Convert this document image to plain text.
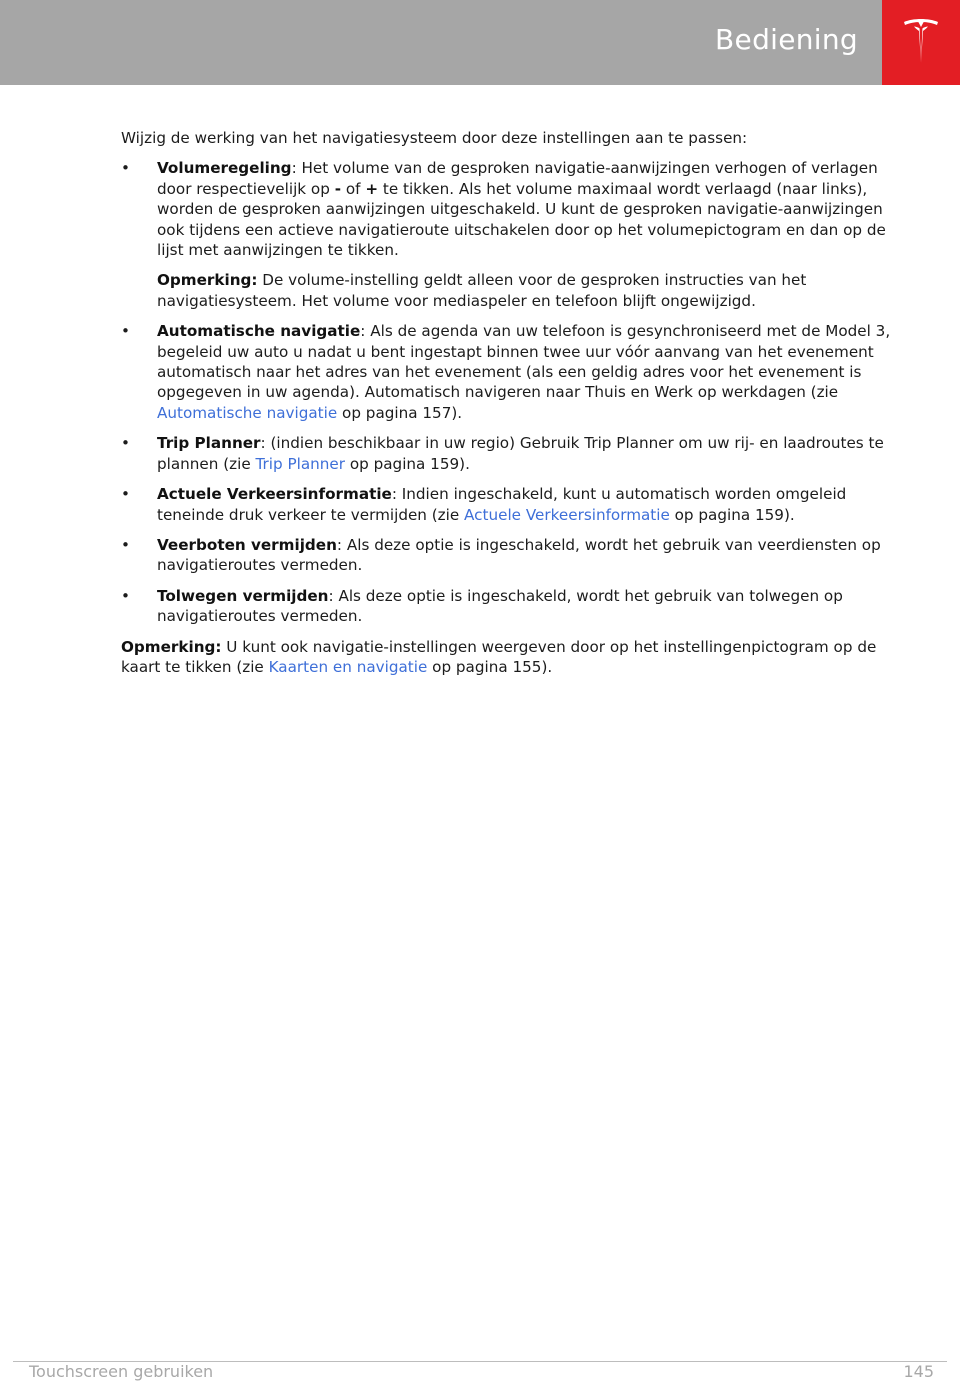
Bediening

Wijzig de werking van het navigatiesysteem door deze instellingen aan te passen:

• Volumeregeling: Het volume van de gesproken navigatie-aanwijzingen verhogen of verlagen door respectievelijk op - of + te tikken. Als het volume maximaal wordt verlaagd (naar links), worden de gesproken aanwijzingen uitgeschakeld. U kunt de gesproken navigatie-aanwijzingen ook tijdens een actieve navigatieroute uitschakelen door op het volumepictogram en dan op de lijst met aanwijzingen te tikken.

Opmerking: De volume-instelling geldt alleen voor de gesproken instructies van het navigatiesysteem. Het volume voor mediaspeler en telefoon blijft ongewijzigd.

• Automatische navigatie: Als de agenda van uw telefoon is gesynchroniseerd met de Model 3, begeleid uw auto u nadat u bent ingestapt binnen twee uur vóór aanvang van het evenement automatisch naar het adres van het evenement (als een geldig adres voor het evenement is opgegeven in uw agenda). Automatisch navigeren naar Thuis en Werk op werkdagen (zie Automatische navigatie op pagina 157).
• Trip Planner: (indien beschikbaar in uw regio) Gebruik Trip Planner om uw rij- en laadroutes te plannen (zie Trip Planner op pagina 159).
• Actuele Verkeersinformatie: Indien ingeschakeld, kunt u automatisch worden omgeleid teneinde druk verkeer te vermijden (zie Actuele Verkeersinformatie op pagina 159).
• Veerboten vermijden: Als deze optie is ingeschakeld, wordt het gebruik van veerdiensten op navigatieroutes vermeden.
• Tolwegen vermijden: Als deze optie is ingeschakeld, wordt het gebruik van tolwegen op navigatieroutes vermeden.

Opmerking: U kunt ook navigatie-instellingen weergeven door op het instellingenpictogram op de kaart te tikken (zie Kaarten en navigatie op pagina 155).

Touchscreen gebruiken	145
